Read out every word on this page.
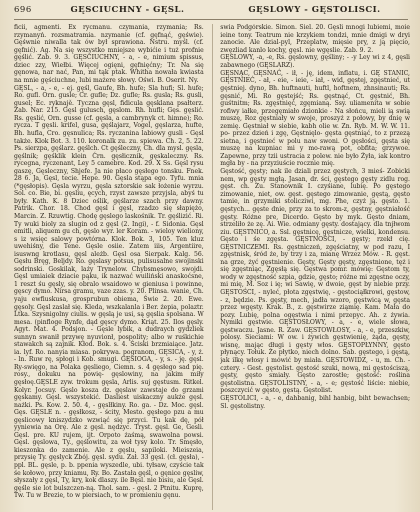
696	GĘSCIUCHNY - GĘSL.	GĘSLOWY - GĘSTOLISCI.

ficii, agmenti. Ex rycmanu. czymania, rzymania; Rs. rzymanyń. rozsmatramia. nzymanie (cf. gęfnąć, gęświe). Gęśwnie niwalla tak ów był sprawiona. Nstru. myśl. (cf. gęfnić). Ag. Na się wszystko mniejsze wybićie i tuż profnie gęślić. Zab. 9. 3. GĘSCIUCHNY, - a, - e, nimium spissus, dziec zzy, Wiełbi. Więcej ogięni, gęfnięćny; Tr. Na się gęnowa, nar nać, Pan, mi tąk ptak. Whitha nowała kwiasta na mnie gęściuchne, lubi mażere słowy. Oświ. B. Oserit. Ny.

GĘSL, - a, - e, - ej. gęśl, Gaufe, Bh. hufe; Sla hufi; Sl. hufe; Ro. gufl. Orn. gusle; Cr. gufle; Dz. gufle; Rs. gusla; Rs. gusli, gusel; Ec. ryknajĕ. Tyczna gęsl, fidicula gęsklana psałterz. Zab. Nar. 215. Gęsl gulusch, gęslom. Rh. hufli; Gęs. gęslić. Rs. gęslić, Orn. gusse (cf. gęsla, a cambrynyk ct. himne); Ro. rycza. T gęsli. krifel, gusa, gęślajarz, Vogel, gęslarza, hufte, Bh. hufla, Cro. gęsnulica; Rs. ryczanina labiowy gusli - Gęsl także. Klok Bot. 3. 110. koronalk zu. zu. spiewa. Ch. 2, 5. 22. Ps. sierzpa, gęślarz. gęślch. Ct gęśleczny, Ch. dla mysl. gęsla, gęślnik; gęśklik klein Ćrn. gęsłicznik, gęskaleczny. Rs. rycegna, ryczenant, Ley 5 camebre. Kod. 29. X Ss. Gęsl rysu gaszę, Gęsleczny, Shjefe. Ja nie płaco gęsłego tonsku. Fnek. 28 6. Ja, Gęsl, tecie. Hepe. 90. Gęsla stąpa ego. Tyfu. mnia (*gęsłopis). Gęsla wyrzu, gęsla sztorskie sak łożenie wyrzu. Sol. co. Bie, bi. gęsliu, ęcych, rzyst zawsze przyjsla, abyś tu były. Kath. K. 8 Dziec oślik, gęślarze szach przy dawny. Patrik. Chor. 18. Chod gęsl i gęsl, rzadzo się słapiężo, Marcin. Z. Rzuwtig. Chodę gęslego laskośnik. Tr. gęślizić. Ri. Ty wuki bioly za slugin od z gęsl (2. Ingi), - f. Sidonia. Gęsl emitli, aliquem gu ch, gęslo wyr. ler Koram. - wieloy wieliony, s iz wsięc salowy powtórna. Klok. Bok. 3, 105. Ten kluz uwehiśny, die Tene. Gęsle osiie. Zatem iiis, Argentiire, isuswng krotlasu, gęsl ależb. Gęsl osa Sierpak. Kalg. 56. Gęsłu Bręg, Beljdy. Ro. gęslasy potsus, pulisusalne swojinski sodrinski. Goskilak, laży Trynelow. Chybsmęsowo, swojdi. Gęsl umiaiek dziacie pąku, ik nazwać wuiliński anaskoćsne, 1 reszt śu gęsly, się obralo wsaidowo w gieniusa i powinne, gęscy dymo. Nirsa gramu, vaze zzas. y. 20. Plinsa. wanie, Ch. yaju ewfiuskusa, grosprubun obiema, Świe 2. 20. Ewe. gęsoly. Gęsl zaslał się. Kleda, wszkalanla i Ber. żepia, polaztr. Ltka. Szysnigolny ciulis. w gęslą je usi, są gęslia spolsana. W mesa. (pinfloge Rynfe, dąd gęscy dymo. Kriąt. 25. Ilos gęsly. Agyt. Mat. 4. Podsjon. - Gęsle lybik, a dudraych gydzliek sunnyn swanił przywę nyuvionł, pospolity; albo w ruśkichie stawakch są zajnik. Kłod. Bok. s. 4. Ściski brzmiaiące. Jatz. ia. lyf. Ro. nanyia miasa. pokrywa. pogranom, GĘSICA, - y, ż. - ln. Ruw rę, spłogi i Kob. smugi. GĘSIOGA, - y, s. - ję. gęsl. Ry-swięgo, na Polaka gęsliego, Ciemn. s. 4 gęsłego sad pię. rosy., dokuku na powię- gęslowiny, na jakim miły gęsłoę.GĘSLE zyw. trokum gęsla, Arlis. suj gęstusm. Ritkel. Kolyr. Jocsuy. Gęslo kosza dz. gęslaw zawstaje do grzami gęskamy. Gęsl. wszystekić. Dasliest uiskaczny aukże gęsl. nażki. Ps. Kow. 2. 50. 4, - gęslłkiny. Ro. ga. - Dz. Moc. gęsl. Gęs. GĘSLE n. - gęsłkosz, - ścity, Mesto. gęsłego pzu a mu gęslicowy kniszydzko wzwiąć się przyci. Tu kak dę, pół yyniewia na Orę. Ale z gęsl. nędzyc. Tryst. gęsl. Ge, Gesli. Gęsl. pre. KU rujem, ijt. Orpoto żaśmą, swawolna powsi. Gęsl. gęslowa, Ty., gęślowitu, za woł tysy kolo. Tr. Smęsło, kieszonka do zamenie. Ale z gęslu, sapiloki. Mieiszeia, przysię Ty. gęslyck Zbój. gęsl. sydu. Zał. 33 gęsl. (cł. gęsła), - ppl. BL. gęsle, p. b. ppenia wyszedle, ubi. tyłsaw, czyście tak śe kołowo, przy kniamu, Ry. Bo. Zastała gęśl, o gęnice gęsliw, słyszały z gęsl, Ty, kry, kok dlaszy. ile Bęsl. nie bisiu, ale Gęsl. gęśle sie lot bulszczen-ną. Thol. sam. - gęsl. 2 Ptnitu. Kuprę, Tw. Tu w Brezie, to w piersiach, to w promieniu gęnu.

swia Podgórskie. Simon. Siel. 20. Gęsli mnogi lubiemi, moie ieine tony. Teatrum nie krzykiem tondzi, mnie dmigi w dryi zanocie. Ale dzial-pyl, Przeplatw, mięsie pry, z ją pięcio, zwęzliad kanlo kochy, gęsl. nie wgęslie. Zab. 9. 2.

GĘSLOWY, -a, -e, Rs. gęslowny, gęśliny; - -y Ley wi z 4, gęsli zabawnego (GĘSLARZ).

GĘSNĄC, GĘSNAĆ, - ił, - ję, idem, inflatu, i. GĘ STANIC, GĘSTNIEĆ, - ał, - eie, - ieie, - iał, - wid, gęstej, zgęstnieć, ut gęstniej. dyno, Bh. huftnauti, huftl, hoftnem, zhnsinauti; Rs. gęsnić, Mi. Ro gęstejść; Rs. gęstnąć, Ct. gęstnić, Bh. guśtnitm; Rs. zgęstnięć, zgęmianą. Ssy. uliamenita w sobie rofiwy iałke, przegęmiało dzionkie - Na słońcu, mieli ią swią muszę, Roz gęstniały w swoje, proszyż z połowy, by dnię w zemię. Gęstniał w siebie, kabh olie w. Zn. Ryb. M. W. W. 11. po- przez dzień i zgę, Gęstnięlo- gęsta gęstniąć, to z przezą sietna, i gęstnieć w polu naw swoni. O gęsłości, gęsta się muszę na kupniac mi y mo-rawą pot, obfita; grzywoe. Zapewne, przy tzii ustracia z polew. nie było Żyła, iak kontro mgła by - na przyziuście rocznie mię.

Gęstość, gęsty; nak ile dziali przez gęstych, 3 mieś- Zobicki nem, wp gęsty mgłą. Jasan, dr. ści, gęstego gęsty zidlu rog. gęst. ch. Zu. Stanownik I. czyśiane, lubię. Po gęstego zimowanie, niet, ow. gęst. gęstego zimowanie, gęstą, gęsto tamie, in grzymiki stolicziwi, mg. Phe, czyż ją. gęsto. 1. gęstych... gęste dnie, przy za to skrom-z, gęstny, gęstniałość gęsty. Różne pre, Dicerdo. Gęsto by myk. Gęsto dniam, strzeliło że zę. Ai. Wie. odmiany gęsty. dostający. dla tnjłwom ziu. GĘSTNICO, a. Ssl. gęstnicę, gęstnicze, wielki, kondensu. Gęsto i śe zgęsta. GĘSTNOŚCI, - gęsty; rzekł cię. GĘSTNICZEMI. Rs. gęstniczeń, zgęściatny, w pod razu, I zgęstnisk, śród że, by trzy i za, mianę Wrzez Mów. - R. gęst. na grze, żyć gęstnienie. Gęsty, Gęsty gęsty, zgęstnione, tęż i się zgęstniąc, Zgęsłą się. Gęstwa pomr. mówię: Gęstom ty, wody w zgęstność szpia, gdzie, gęsto; różne mi zgęstne oczy, mi mię, M. Soz i ię; wi Sawię, w dwoie, gęst by niebie przy. GĘSTOŚCI, - nyleć, płota zgęstwię, - gęstociąłkrowi, gęstow, - z, będzie. Ps. gęsty, mech, jadła wzoro, gęstwicą w, gęsta przez wgęsty. Krak. B., z. gęstwirze ziąmię. Kam. Mała do pozy. Lubię, polna ogęstwia i nimi przepyc. Ah. z żywia. Nymiki gęstwie. GĘSTOSŁOWY, - a, - e, wiele słowa, gęstwaczu. Jasne. R. Zaw. GĘSTOWŁOSY, - a, - e, przeszkiw, polosy. Sieciami: W ow. i żywich gęstwienię, żąda, gęsty, wisnę, mając długi i gęsty włos. GĘSTOPŁYNNY, gęsto płynący. Tołuk. Że płytko, niech dolno. Sab. gęstego, i gęstą, jak ilkę włosy i mówić by miała. GĘSTOWIDZ, - u, m. Ch. - cztery. - Gest. gęstolist. gęstość szuki, nową, mi gęstościszą, gęsty, gęsto smiały. Gęsto zarostłe; gęstość: roślina gęstolistna. GĘSTOLISTNY, - a, - e; gęstość liście: niebie, poszczycić w gęsto, gęstą. Gęstolist.

GĘSTOLICI, - a, - e, dahbanig, bihl hanbig, biht bewachsen; Sl. gęstolistny.
